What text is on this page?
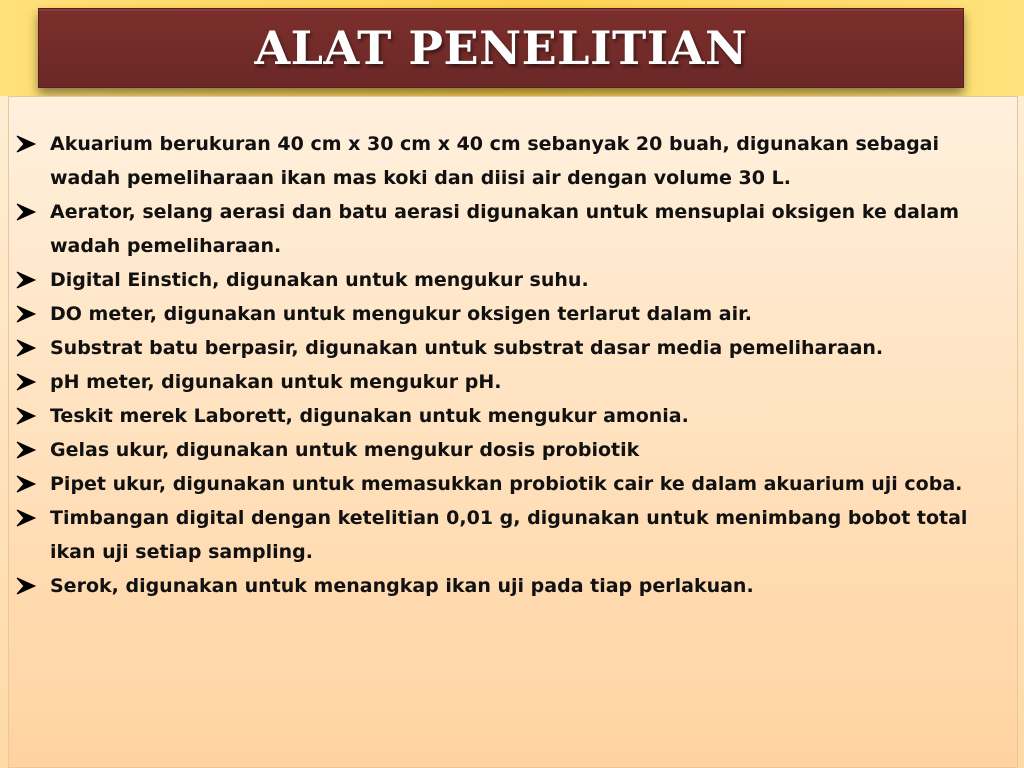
ALAT PENELITIAN
Akuarium berukuran 40 cm x 30 cm x 40 cm sebanyak 20 buah, digunakan sebagai wadah pemeliharaan ikan mas koki dan diisi air dengan volume 30 L.
Aerator, selang aerasi dan batu aerasi digunakan untuk mensuplai oksigen ke dalam wadah pemeliharaan.
Digital Einstich, digunakan untuk mengukur suhu.
DO meter, digunakan untuk mengukur oksigen terlarut dalam air.
Substrat batu berpasir, digunakan untuk substrat dasar media pemeliharaan.
pH meter, digunakan untuk mengukur pH.
Teskit merek Laborett, digunakan untuk mengukur amonia.
Gelas ukur, digunakan untuk mengukur dosis probiotik
Pipet ukur, digunakan untuk memasukkan probiotik cair ke dalam akuarium uji coba.
Timbangan digital dengan ketelitian 0,01 g, digunakan untuk menimbang bobot total ikan uji setiap sampling.
Serok, digunakan untuk menangkap ikan uji pada tiap perlakuan.
